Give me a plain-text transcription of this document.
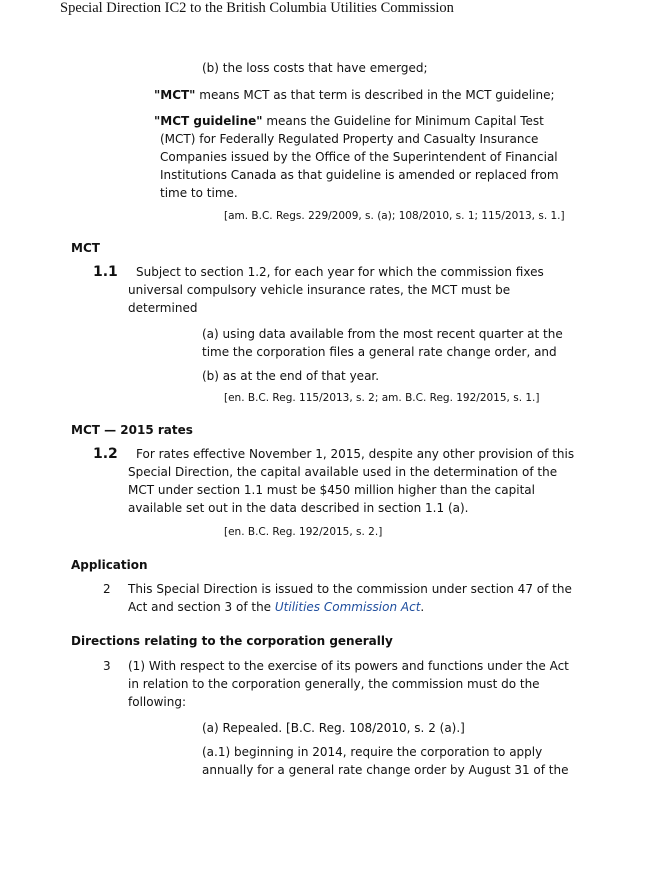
Special Direction IC2 to the British Columbia Utilities Commission
(b) the loss costs that have emerged;
"MCT" means MCT as that term is described in the MCT guideline;
"MCT guideline" means the Guideline for Minimum Capital Test
(MCT) for Federally Regulated Property and Casualty Insurance
Companies issued by the Office of the Superintendent of Financial
Institutions Canada as that guideline is amended or replaced from
time to time.
[am. B.C. Regs. 229/2009, s. (a); 108/2010, s. 1; 115/2013, s. 1.]
MCT
1.1 Subject to section 1.2, for each year for which the commission fixes
universal compulsory vehicle insurance rates, the MCT must be
determined
(a) using data available from the most recent quarter at the
time the corporation files a general rate change order, and
(b) as at the end of that year.
[en. B.C. Reg. 115/2013, s. 2; am. B.C. Reg. 192/2015, s. 1.]
MCT — 2015 rates
1.2 For rates effective November 1, 2015, despite any other provision of this
Special Direction, the capital available used in the determination of the
MCT under section 1.1 must be $450 million higher than the capital
available set out in the data described in section 1.1 (a).
[en. B.C. Reg. 192/2015, s. 2.]
Application
2 This Special Direction is issued to the commission under section 47 of the
Act and section 3 of the Utilities Commission Act.
Directions relating to the corporation generally
3 (1) With respect to the exercise of its powers and functions under the Act
in relation to the corporation generally, the commission must do the
following:
(a) Repealed. [B.C. Reg. 108/2010, s. 2 (a).]
(a.1) beginning in 2014, require the corporation to apply
annually for a general rate change order by August 31 of the
